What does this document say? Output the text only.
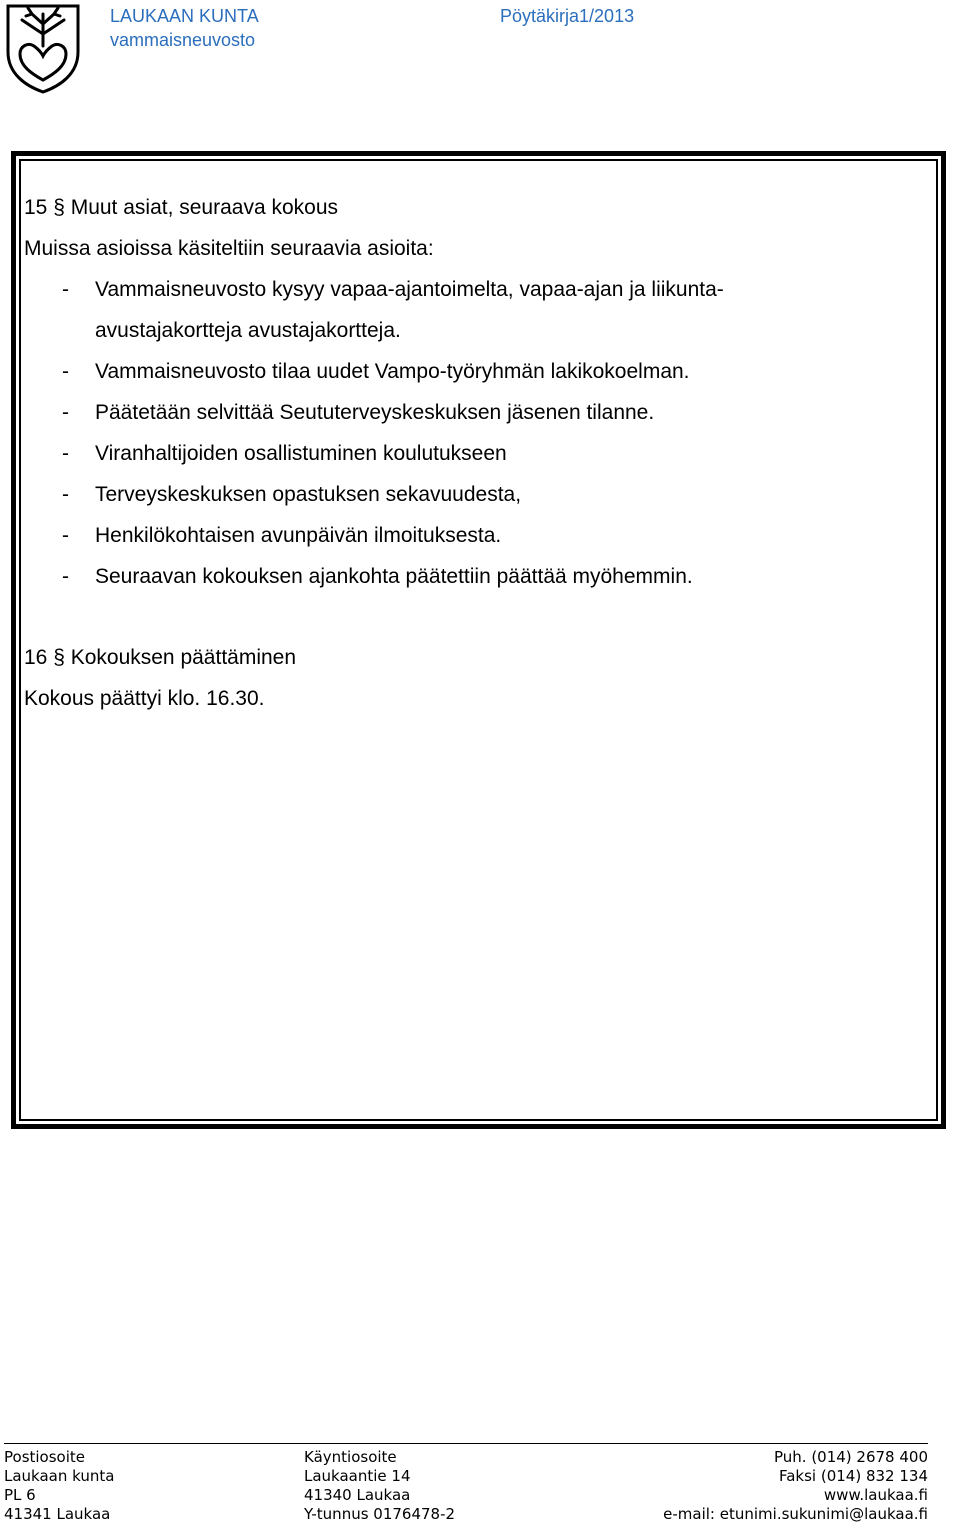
LAUKAAN KUNTA
vammaisneuvosto
Pöytäkirja1/2013
15 § Muut asiat, seuraava kokous
Muissa asioissa käsiteltiin seuraavia asioita:
- Vammaisneuvosto kysyy vapaa-ajantoimelta, vapaa-ajan ja liikunta-
avustajakortteja avustajakortteja.
- Vammaisneuvosto tilaa uudet Vampo-työryhmän lakikokoelman.
- Päätetään selvittää Seututerveyskeskuksen jäsenen tilanne.
- Viranhaltijoiden osallistuminen koulutukseen
- Terveyskeskuksen opastuksen sekavuudesta,
- Henkilökohtaisen avunpäivän ilmoituksesta.
- Seuraavan kokouksen ajankohta päätettiin päättää myöhemmin.
16 § Kokouksen päättäminen
Kokous päättyi klo. 16.30.
Postiosoite
Laukaan kunta
PL 6
41341 Laukaa
Käyntiosoite
Laukaantie 14
41340 Laukaa
Y-tunnus 0176478-2
Puh. (014) 2678 400
Faksi (014) 832 134
www.laukaa.fi
e-mail: etunimi.sukunimi@laukaa.fi
